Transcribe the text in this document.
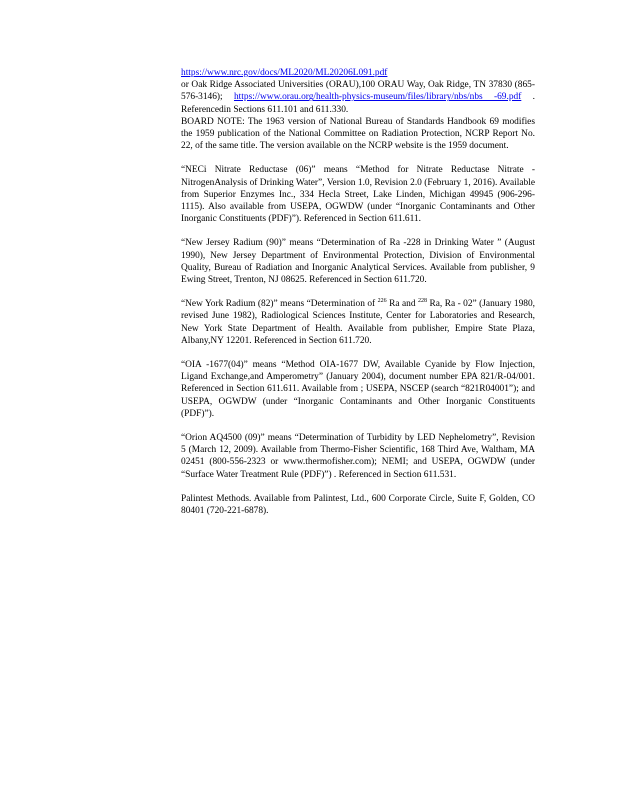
https://www.nrc.gov/docs/ML2020/ML20206L091.pdf
or Oak Ridge Associated Universities (ORAU),100 ORAU Way, Oak Ridge, TN 37830 (865-576-3146); https://www.orau.org/health-physics-museum/files/library/nbs/nbs -69.pdf . Referencedin Sections 611.101 and 611.330.
BOARD NOTE: The 1963 version of National Bureau of Standards Handbook 69 modifies the 1959 publication of the National Committee on Radiation Protection, NCRP Report No. 22, of the same title. The version available on the NCRP website is the 1959 document.

“NECi Nitrate Reductase (06)” means “Method for Nitrate Reductase Nitrate -NitrogenAnalysis of Drinking Water”, Version 1.0, Revision 2.0 (February 1, 2016). Available from Superior Enzymes Inc., 334 Hecla Street, Lake Linden, Michigan 49945 (906-296-1115). Also available from USEPA, OGWDW (under “Inorganic Contaminants and Other Inorganic Constituents (PDF)”). Referenced in Section 611.611.

“New Jersey Radium (90)” means “Determination of Ra -228 in Drinking Water ” (August 1990), New Jersey Department of Environmental Protection, Division of Environmental Quality, Bureau of Radiation and Inorganic Analytical Services. Available from publisher, 9 Ewing Street, Trenton, NJ 08625. Referenced in Section 611.720.

“New York Radium (82)” means “Determination of $^{226}$ Ra and $^{228}$ Ra, Ra - 02” (January 1980, revised June 1982), Radiological Sciences Institute, Center for Laboratories and Research, New York State Department of Health. Available from publisher, Empire State Plaza, Albany,NY 12201. Referenced in Section 611.720.

“OIA -1677(04)” means “Method OIA-1677 DW, Available Cyanide by Flow Injection, Ligand Exchange,and Amperometry” (January 2004), document number EPA 821/R-04/001. Referenced in Section 611.611. Available from ; USEPA, NSCEP (search “821R04001”); and USEPA, OGWDW (under “Inorganic Contaminants and Other Inorganic Constituents (PDF)”).

“Orion AQ4500 (09)” means “Determination of Turbidity by LED Nephelometry”, Revision 5 (March 12, 2009). Available from Thermo-Fisher Scientific, 168 Third Ave, Waltham, MA 02451 (800-556-2323 or www.thermofisher.com); NEMI; and USEPA, OGWDW (under “Surface Water Treatment Rule (PDF)”) . Referenced in Section 611.531.

Palintest Methods. Available from Palintest, Ltd., 600 Corporate Circle, Suite F, Golden, CO 80401 (720-221-6878).
